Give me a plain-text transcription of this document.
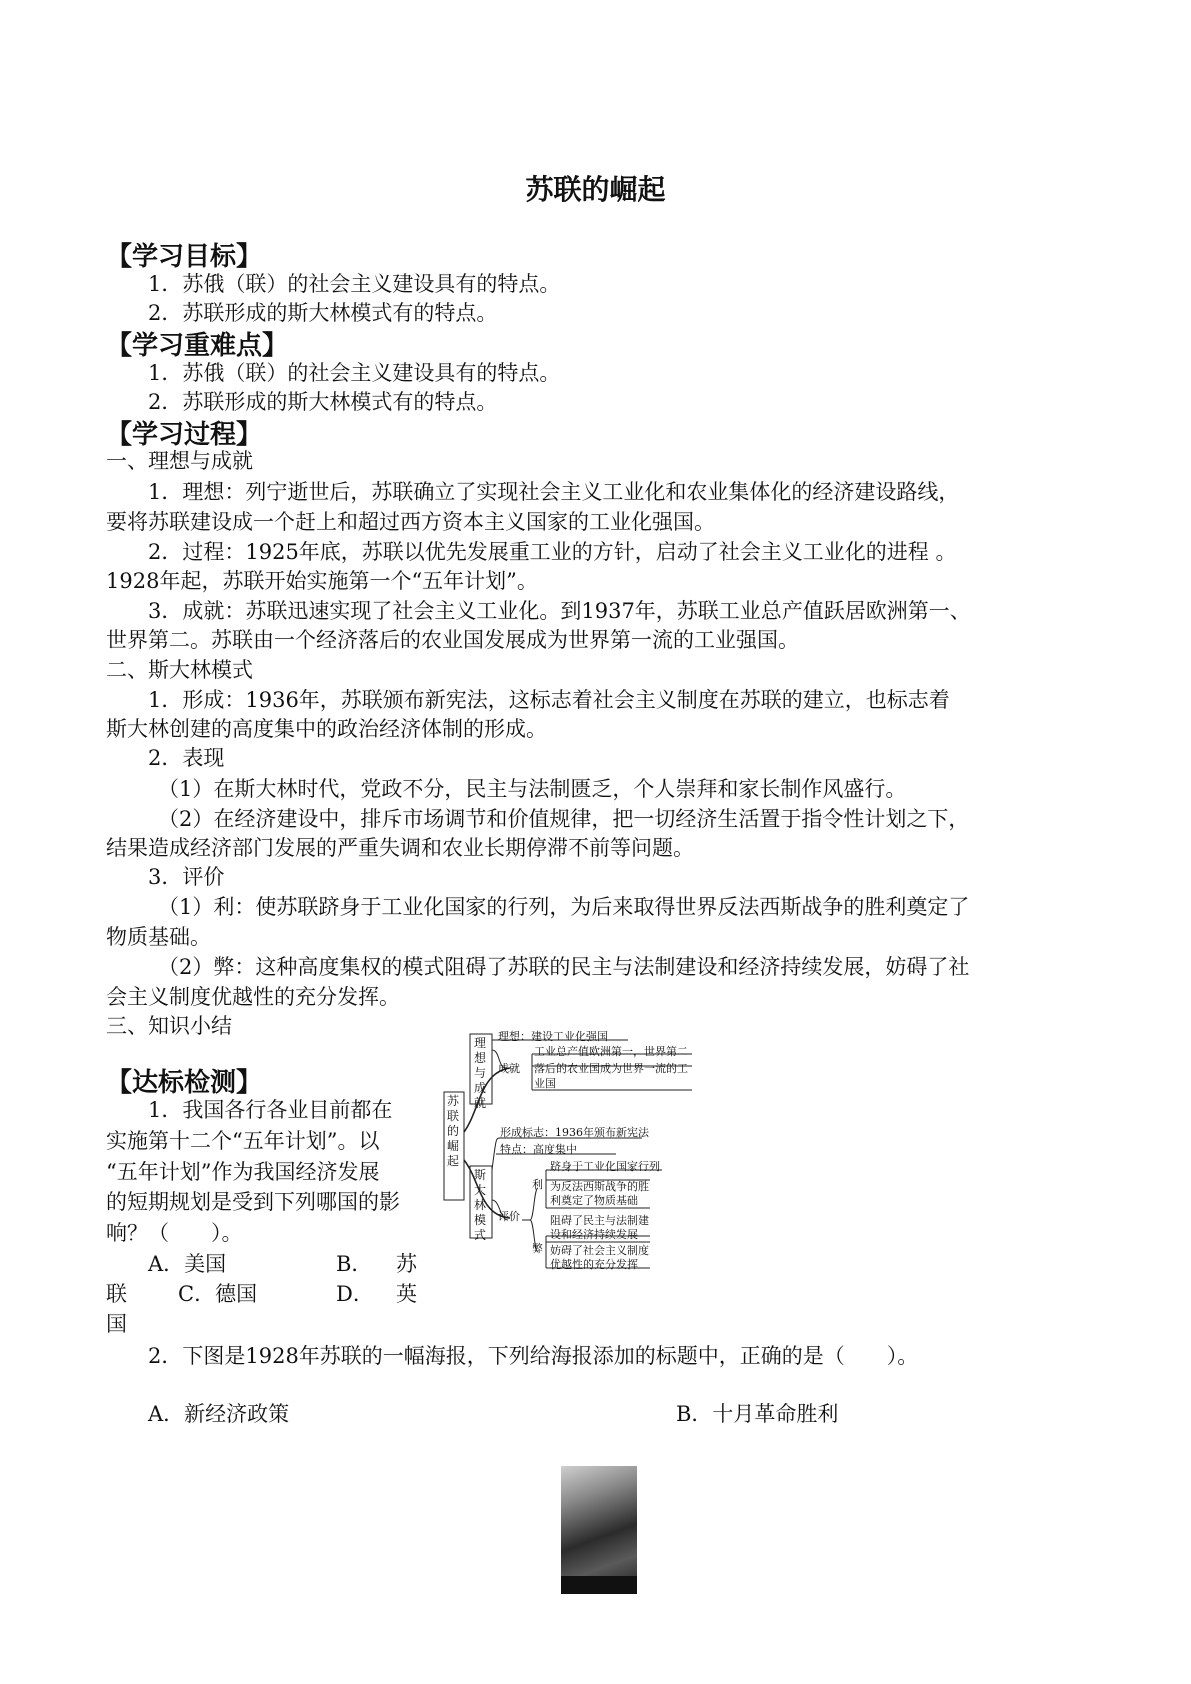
苏联的崛起
【学习目标】
1．苏俄（联）的社会主义建设具有的特点。
2．苏联形成的斯大林模式有的特点。
【学习重难点】
1．苏俄（联）的社会主义建设具有的特点。
2．苏联形成的斯大林模式有的特点。
【学习过程】
一、理想与成就
1．理想：列宁逝世后，苏联确立了实现社会主义工业化和农业集体化的经济建设路线，
要将苏联建设成一个赶上和超过西方资本主义国家的工业化强国。
2．过程：1925年底，苏联以优先发展重工业的方针，启动了社会主义工业化的进程 。
1928年起，苏联开始实施第一个“五年计划”。
3．成就：苏联迅速实现了社会主义工业化。到1937年，苏联工业总产值跃居欧洲第一、
世界第二。苏联由一个经济落后的农业国发展成为世界第一流的工业强国。
二、斯大林模式
1．形成：1936年，苏联颁布新宪法，这标志着社会主义制度在苏联的建立，也标志着
斯大林创建的高度集中的政治经济体制的形成。
2．表现
（1）在斯大林时代，党政不分，民主与法制匮乏，个人崇拜和家长制作风盛行。
（2）在经济建设中，排斥市场调节和价值规律，把一切经济生活置于指令性计划之下，
结果造成经济部门发展的严重失调和农业长期停滞不前等问题。
3．评价
（1）利：使苏联跻身于工业化国家的行列，为后来取得世界反法西斯战争的胜利奠定了
物质基础。
（2）弊：这种高度集权的模式阻碍了苏联的民主与法制建设和经济持续发展，妨碍了社
会主义制度优越性的充分发挥。
三、知识小结
苏联的崛起
理想与成就
理想：建设工业化强国
成就
工业总产值欧洲第一，世界第二
落后的农业国成为世界一流的工
业国
斯大林模式
形成标志：1936年颁布新宪法
特点：高度集中
评价
利
跻身于工业化国家行列
为反法西斯战争的胜
利奠定了物质基础
弊
阻碍了民主与法制建
设和经济持续发展
妨碍了社会主义制度
优越性的充分发挥
【达标检测】
1．我国各行各业目前都在
实施第十二个“五年计划”。以
“五年计划”作为我国经济发展
的短期规划是受到下列哪国的影
响？（　　）。
A．美国	B． 苏
联 C．德国	D． 英
国
2．下图是1928年苏联的一幅海报，下列给海报添加的标题中，正确的是（　　）。
A．新经济政策	B．十月革命胜利
